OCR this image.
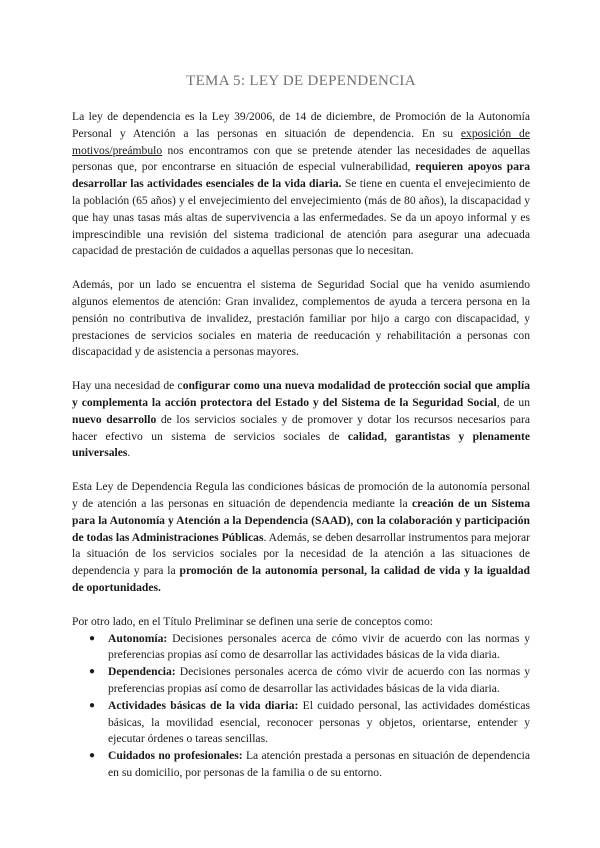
TEMA 5: LEY DE DEPENDENCIA

La ley de dependencia es la Ley 39/2006, de 14 de diciembre, de Promoción de la Autonomía Personal y Atención a las personas en situación de dependencia. En su exposición de motivos/preámbulo nos encontramos con que se pretende atender las necesidades de aquellas personas que, por encontrarse en situación de especial vulnerabilidad, requieren apoyos para desarrollar las actividades esenciales de la vida diaria. Se tiene en cuenta el envejecimiento de la población (65 años) y el envejecimiento del envejecimiento (más de 80 años), la discapacidad y que hay unas tasas más altas de supervivencia a las enfermedades. Se da un apoyo informal y es imprescindible una revisión del sistema tradicional de atención para asegurar una adecuada capacidad de prestación de cuidados a aquellas personas que lo necesitan.

Además, por un lado se encuentra el sistema de Seguridad Social que ha venido asumiendo algunos elementos de atención: Gran invalidez, complementos de ayuda a tercera persona en la pensión no contributiva de invalidez, prestación familiar por hijo a cargo con discapacidad, y prestaciones de servicios sociales en materia de reeducación y rehabilitación a personas con discapacidad y de asistencia a personas mayores.

Hay una necesidad de configurar como una nueva modalidad de protección social que amplía y complementa la acción protectora del Estado y del Sistema de la Seguridad Social, de un nuevo desarrollo de los servicios sociales y de promover y dotar los recursos necesarios para hacer efectivo un sistema de servicios sociales de calidad, garantistas y plenamente universales.

Esta Ley de Dependencia Regula las condiciones básicas de promoción de la autonomía personal y de atención a las personas en situación de dependencia mediante la creación de un Sistema para la Autonomía y Atención a la Dependencia (SAAD), con la colaboración y participación de todas las Administraciones Públicas. Además, se deben desarrollar instrumentos para mejorar la situación de los servicios sociales por la necesidad de la atención a las situaciones de dependencia y para la promoción de la autonomía personal, la calidad de vida y la igualdad de oportunidades.

Por otro lado, en el Título Preliminar se definen una serie de conceptos como:

● Autonomía: Decisiones personales acerca de cómo vivir de acuerdo con las normas y preferencias propias así como de desarrollar las actividades básicas de la vida diaria.
● Dependencia: Decisiones personales acerca de cómo vivir de acuerdo con las normas y preferencias propias así como de desarrollar las actividades básicas de la vida diaria.
● Actividades básicas de la vida diaria: El cuidado personal, las actividades domésticas básicas, la movilidad esencial, reconocer personas y objetos, orientarse, entender y ejecutar órdenes o tareas sencillas.
● Cuidados no profesionales: La atención prestada a personas en situación de dependencia en su domicilio, por personas de la familia o de su entorno.
